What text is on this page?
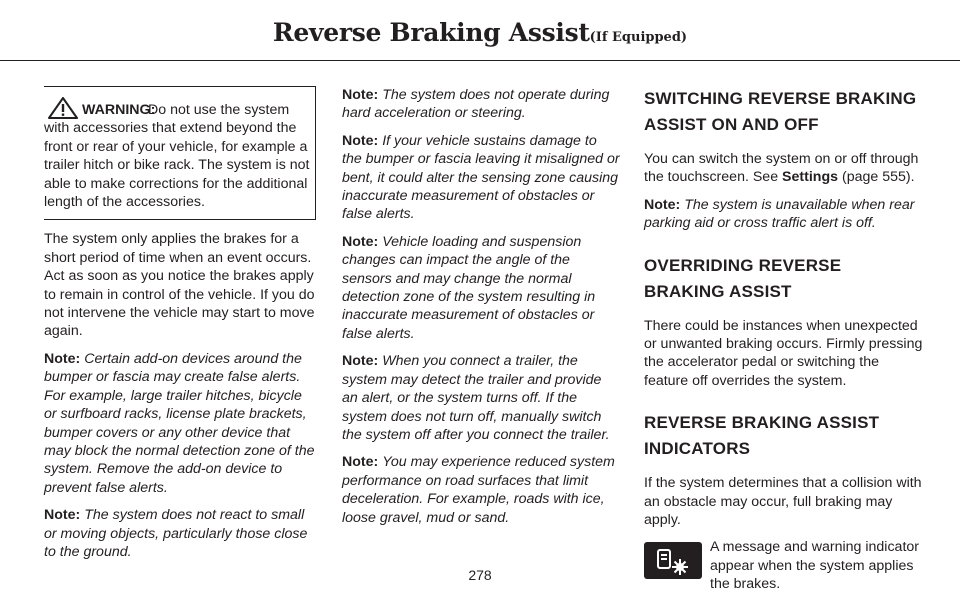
Reverse Braking Assist(If Equipped)
WARNING:
Do not use the system with accessories that extend beyond the front or rear of your vehicle, for example a trailer hitch or bike rack. The system is not able to make corrections for the additional length of the accessories.

The system only applies the brakes for a short period of time when an event occurs. Act as soon as you notice the brakes apply to remain in control of the vehicle. If you do not intervene the vehicle may start to move again.

Note: Certain add-on devices around the bumper or fascia may create false alerts. For example, large trailer hitches, bicycle or surfboard racks, license plate brackets, bumper covers or any other device that may block the normal detection zone of the system. Remove the add-on device to prevent false alerts.

Note: The system does not react to small or moving objects, particularly those close to the ground.

Note: The system does not operate during hard acceleration or steering.

Note: If your vehicle sustains damage to the bumper or fascia leaving it misaligned or bent, it could alter the sensing zone causing inaccurate measurement of obstacles or false alerts.

Note: Vehicle loading and suspension changes can impact the angle of the sensors and may change the normal detection zone of the system resulting in inaccurate measurement of obstacles or false alerts.

Note: When you connect a trailer, the system may detect the trailer and provide an alert, or the system turns off. If the system does not turn off, manually switch the system off after you connect the trailer.

Note: You may experience reduced system performance on road surfaces that limit deceleration. For example, roads with ice, loose gravel, mud or sand.

SWITCHING REVERSE BRAKING ASSIST ON AND OFF

You can switch the system on or off through the touchscreen. See Settings (page 555).

Note: The system is unavailable when rear parking aid or cross traffic alert is off.

OVERRIDING REVERSE BRAKING ASSIST

There could be instances when unexpected or unwanted braking occurs. Firmly pressing the accelerator pedal or switching the feature off overrides the system.

REVERSE BRAKING ASSIST INDICATORS

If the system determines that a collision with an obstacle may occur, full braking may apply.

A message and warning indicator appear when the system applies the brakes.
278
